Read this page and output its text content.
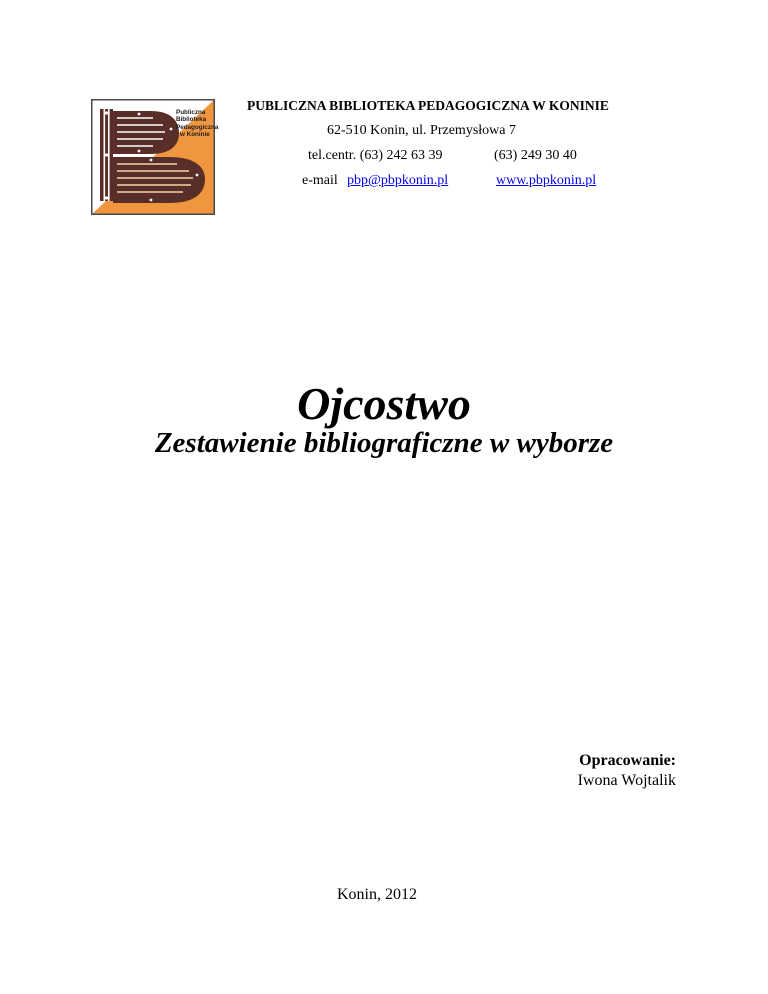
Publiczna
Biblioteka
Pedagogiczna
w Koninie
PUBLICZNA BIBLIOTEKA PEDAGOGICZNA W KONINIE
62-510 Konin, ul. Przemysłowa 7
tel.centr. (63) 242 63 39	(63) 249 30 40
e-mail pbp@pbpkonin.pl	www.pbpkonin.pl
Ojcostwo
Zestawienie bibliograficzne w wyborze
Opracowanie:
Iwona Wojtalik
Konin, 2012
